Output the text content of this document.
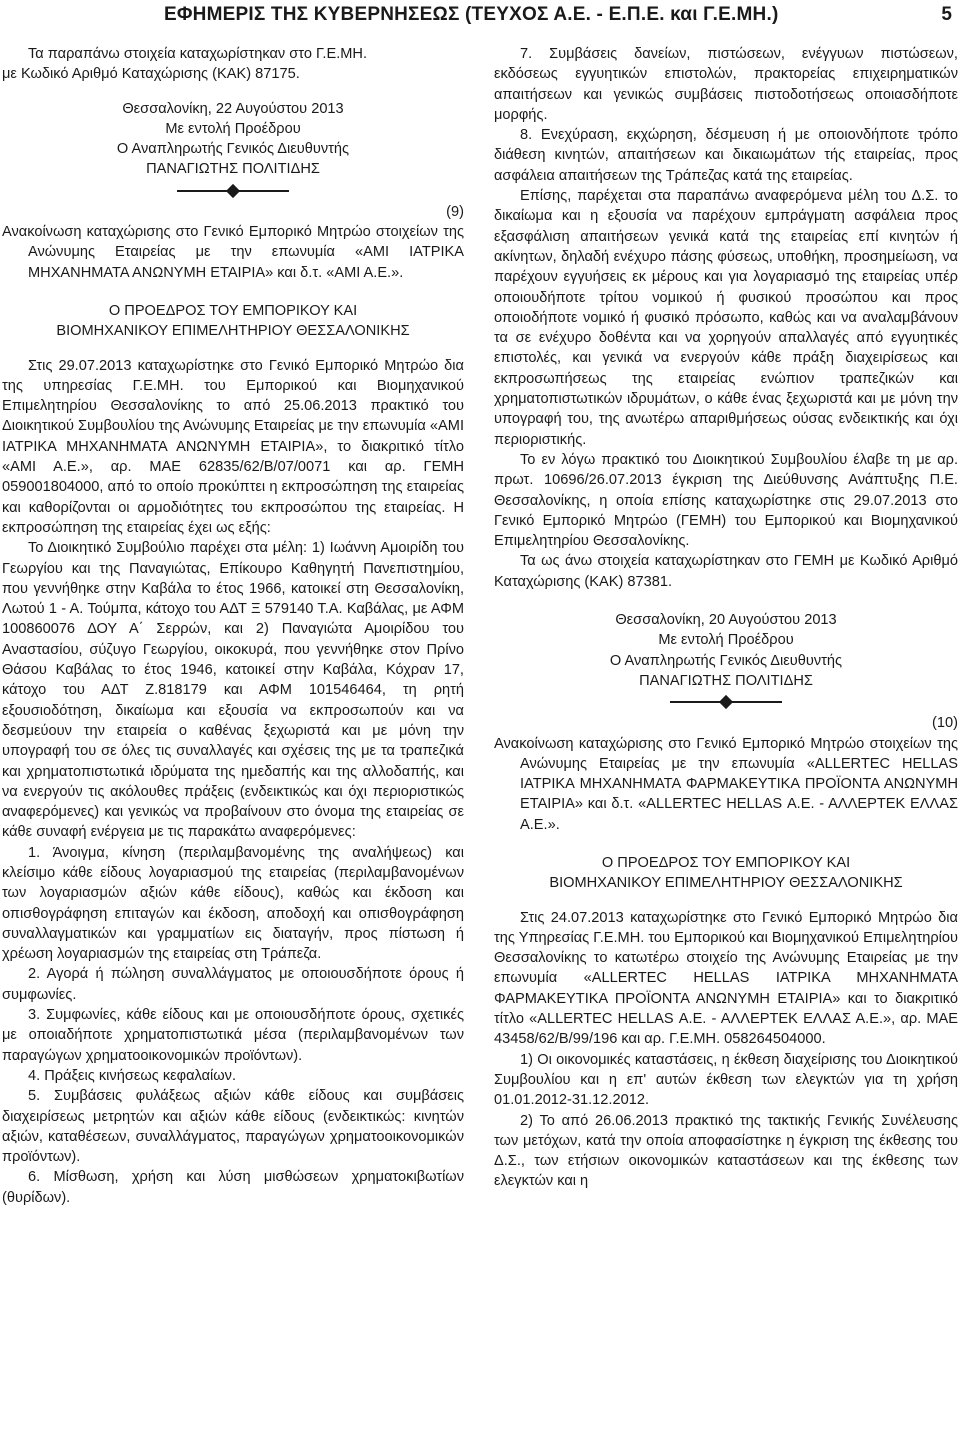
ΕΦΗΜΕΡΙΣ ΤΗΣ ΚΥΒΕΡΝΗΣΕΩΣ (ΤΕΥΧΟΣ Α.Ε. - Ε.Π.Ε. και Γ.Ε.ΜΗ.)	5

Τα παραπάνω στοιχεία καταχωρίστηκαν στο Γ.Ε.ΜΗ.

με Κωδικό Αριθμό Καταχώρισης (ΚΑΚ) 87175.

Θεσσαλονίκη, 22 Αυγούστου 2013

Με εντολή Προέδρου

Ο Αναπληρωτής Γενικός Διευθυντής

ΠΑΝΑΓΙΩΤΗΣ ΠΟΛΙΤΙΔΗΣ

(9)

Ανακοίνωση καταχώρισης στο Γενικό Εμπορικό Μητρώο στοιχείων της Ανώνυμης Εταιρείας με την επωνυμία «ΑΜΙ ΙΑΤΡΙΚΑ ΜΗΧΑΝΗΜΑΤΑ ΑΝΩΝΥΜΗ ΕΤΑΙΡΙΑ» και δ.τ. «ΑΜΙ Α.Ε.».

Ο ΠΡΟΕΔΡΟΣ ΤΟΥ ΕΜΠΟΡΙΚΟΥ ΚΑΙ

ΒΙΟΜΗΧΑΝΙΚΟΥ ΕΠΙΜΕΛΗΤΗΡΙΟΥ ΘΕΣΣΑΛΟΝΙΚΗΣ

Στις 29.07.2013 καταχωρίστηκε στο Γενικό Εμπορικό Μητρώο δια της υπηρεσίας Γ.Ε.ΜΗ. του Εμπορικού και Βιομηχανικού Επιμελητηρίου Θεσσαλονίκης το από 25.06.2013 πρακτικό του Διοικητικού Συμβουλίου της Ανώνυμης Εταιρείας με την επωνυμία «ΑΜΙ ΙΑΤΡΙΚΑ ΜΗΧΑΝΗΜΑΤΑ ΑΝΩΝΥΜΗ ΕΤΑΙΡΙΑ», το διακριτικό τίτλο «ΑΜΙ Α.Ε.», αρ. ΜΑΕ 62835/62/Β/07/0071 και αρ. ΓΕΜΗ 059001804000, από το οποίο προκύπτει η εκπροσώπηση της εταιρείας και καθορίζονται οι αρμοδιότητες του εκπροσώπου της εταιρείας. Η εκπροσώπηση της εταιρείας έχει ως εξής:

Το Διοικητικό Συμβούλιο παρέχει στα μέλη: 1) Ιωάννη Αμοιρίδη του Γεωργίου και της Παναγιώτας, Επίκουρο Καθηγητή Πανεπιστημίου, που γεννήθηκε στην Καβάλα το έτος 1966, κατοικεί στη Θεσσαλονίκη, Λωτού 1 - Α. Τούμπα, κάτοχο του ΑΔΤ Ξ 579140 Τ.Α. Καβάλας, με ΑΦΜ 100860076 ΔΟΥ Α΄ Σερρών, και 2) Παναγιώτα Αμοιρίδου του Αναστασίου, σύζυγο Γεωργίου, οικοκυρά, που γεννήθηκε στον Πρίνο Θάσου Καβάλας το έτος 1946, κατοικεί στην Καβάλα, Κόχραν 17, κάτοχο του ΑΔΤ Ζ.818179 και ΑΦΜ 101546464, τη ρητή εξουσιοδότηση, δικαίωμα και εξουσία να εκπροσωπούν και να δεσμεύουν την εταιρεία ο καθένας ξεχωριστά και με μόνη την υπογραφή του σε όλες τις συναλλαγές και σχέσεις της με τα τραπεζικά και χρηματοπιστωτικά ιδρύματα της ημεδαπής και της αλλοδαπής, και να ενεργούν τις ακόλουθες πράξεις (ενδεικτικώς και όχι περιοριστικώς αναφερόμενες) και γενικώς να προβαίνουν στο όνομα της εταιρείας σε κάθε συναφή ενέργεια με τις παρακάτω αναφερόμενες:

1. Άνοιγμα, κίνηση (περιλαμβανομένης της αναλήψεως) και κλείσιμο κάθε είδους λογαριασμού της εταιρείας (περιλαμβανομένων των λογαριασμών αξιών κάθε είδους), καθώς και έκδοση και οπισθογράφηση επιταγών και έκδοση, αποδοχή και οπισθογράφηση συναλλαγματικών και γραμματίων εις διαταγήν, προς πίστωση ή χρέωση λογαριασμών της εταιρείας στη Τράπεζα.

2. Αγορά ή πώληση συναλλάγματος με οποιουσδήποτε όρους ή συμφωνίες.

3. Συμφωνίες, κάθε είδους και με οποιουσδήποτε όρους, σχετικές με οποιαδήποτε χρηματοπιστωτικά μέσα (περιλαμβανομένων των παραγώγων χρηματοοικονομικών προϊόντων).

4. Πράξεις κινήσεως κεφαλαίων.

5. Συμβάσεις φυλάξεως αξιών κάθε είδους και συμβάσεις διαχειρίσεως μετρητών και αξιών κάθε είδους (ενδεικτικώς: κινητών αξιών, καταθέσεων, συναλλάγματος, παραγώγων χρηματοοικονομικών προϊόντων).

6. Μίσθωση, χρήση και λύση μισθώσεων χρηματοκιβωτίων (θυρίδων).

7. Συμβάσεις δανείων, πιστώσεων, ενέγγυων πιστώσεων, εκδόσεως εγγυητικών επιστολών, πρακτορείας επιχειρηματικών απαιτήσεων και γενικώς συμβάσεις πιστοδοτήσεως οποιασδήποτε μορφής.

8. Ενεχύραση, εκχώρηση, δέσμευση ή με οποιονδήποτε τρόπο διάθεση κινητών, απαιτήσεων και δικαιωμάτων τής εταιρείας, προς ασφάλεια απαιτήσεων της Τράπεζας κατά της εταιρείας.

Επίσης, παρέχεται στα παραπάνω αναφερόμενα μέλη του Δ.Σ. το δικαίωμα και η εξουσία να παρέχουν εμπράγματη ασφάλεια προς εξασφάλιση απαιτήσεων γενικά κατά της εταιρείας επί κινητών ή ακίνητων, δηλαδή ενέχυρο πάσης φύσεως, υποθήκη, προσημείωση, να παρέχουν εγγυήσεις εκ μέρους και για λογαριασμό της εταιρείας υπέρ οποιουδήποτε τρίτου νομικού ή φυσικού προσώπου και προς οποιοδήποτε νομικό ή φυσικό πρόσωπο, καθώς και να αναλαμβάνουν τα σε ενέχυρο δοθέντα και να χορηγούν απαλλαγές από εγγυητικές επιστολές, και γενικά να ενεργούν κάθε πράξη διαχειρίσεως και εκπροσωπήσεως της εταιρείας ενώπιον τραπεζικών και χρηματοπιστωτικών ιδρυμάτων, ο κάθε ένας ξεχωριστά και με μόνη την υπογραφή του, της ανωτέρω απαριθμήσεως ούσας ενδεικτικής και όχι περιοριστικής.

Το εν λόγω πρακτικό του Διοικητικού Συμβουλίου έλαβε τη με αρ. πρωτ. 10696/26.07.2013 έγκριση της Διεύθυνσης Ανάπτυξης Π.Ε. Θεσσαλονίκης, η οποία επίσης καταχωρίστηκε στις 29.07.2013 στο Γενικό Εμπορικό Μητρώο (ΓΕΜΗ) του Εμπορικού και Βιομηχανικού Επιμελητηρίου Θεσσαλονίκης.

Τα ως άνω στοιχεία καταχωρίστηκαν στο ΓΕΜΗ με Κωδικό Αριθμό Καταχώρισης (ΚΑΚ) 87381.

Θεσσαλονίκη, 20 Αυγούστου 2013

Με εντολή Προέδρου

Ο Αναπληρωτής Γενικός Διευθυντής

ΠΑΝΑΓΙΩΤΗΣ ΠΟΛΙΤΙΔΗΣ

(10)

Ανακοίνωση καταχώρισης στο Γενικό Εμπορικό Μητρώο στοιχείων της Ανώνυμης Εταιρείας με την επωνυμία «ALLERTEC HELLAS ΙΑΤΡΙΚΑ ΜΗΧΑΝΗΜΑΤΑ ΦΑΡΜΑΚΕΥΤΙΚΑ ΠΡΟΪΟΝΤΑ ΑΝΩΝΥΜΗ ΕΤΑΙΡΙΑ» και δ.τ. «ALLERTEC HELLAS Α.Ε. - ΑΛΛΕΡΤΕΚ ΕΛΛΑΣ Α.Ε.».

Ο ΠΡΟΕΔΡΟΣ ΤΟΥ ΕΜΠΟΡΙΚΟΥ ΚΑΙ

ΒΙΟΜΗΧΑΝΙΚΟΥ ΕΠΙΜΕΛΗΤΗΡΙΟΥ ΘΕΣΣΑΛΟΝΙΚΗΣ

Στις 24.07.2013 καταχωρίστηκε στο Γενικό Εμπορικό Μητρώο δια της Υπηρεσίας Γ.Ε.ΜΗ. του Εμπορικού και Βιομηχανικού Επιμελητηρίου Θεσσαλονίκης το κατωτέρω στοιχείο της Ανώνυμης Εταιρείας με την επωνυμία «ALLERTEC HELLAS ΙΑΤΡΙΚΑ ΜΗΧΑΝΗΜΑΤΑ ΦΑΡΜΑΚΕΥΤΙΚΑ ΠΡΟΪΟΝΤΑ ΑΝΩΝΥΜΗ ΕΤΑΙΡΙΑ» και το διακριτικό τίτλο «ALLERTEC HELLAS Α.Ε. - ΑΛΛΕΡΤΕΚ ΕΛΛΑΣ Α.Ε.», αρ. ΜΑΕ 43458/62/Β/99/196 και αρ. Γ.Ε.ΜΗ. 058264504000.

1) Οι οικονομικές καταστάσεις, η έκθεση διαχείρισης του Διοικητικού Συμβουλίου και η επ' αυτών έκθεση των ελεγκτών για τη χρήση 01.01.2012-31.12.2012.

2) Το από 26.06.2013 πρακτικό της τακτικής Γενικής Συνέλευσης των μετόχων, κατά την οποία αποφασίστηκε η έγκριση της έκθεσης του Δ.Σ., των ετήσιων οικονομικών καταστάσεων και της έκθεσης των ελεγκτών και η
